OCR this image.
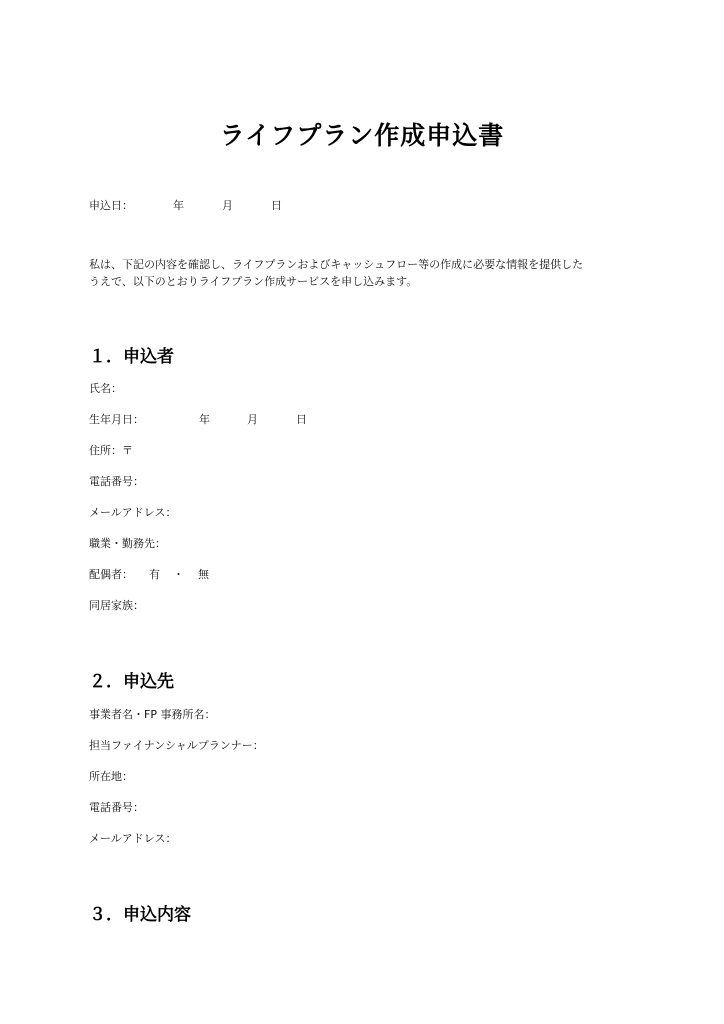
ライフプラン作成申込書
申込日：	年	月	日
私は、下記の内容を確認し、ライフプランおよびキャッシュフロー等の作成に必要な情報を提供した
うえで、以下のとおりライフプラン作成サービスを申し込みます。
１．申込者
氏名：
生年月日：	年	月	日
住所：〒
電話番号：
メールアドレス：
職業・勤務先：
配偶者： 有 ・ 無
同居家族：
２．申込先
事業者名・FP 事務所名：
担当ファイナンシャルプランナー：
所在地：
電話番号：
メールアドレス：
３．申込内容
